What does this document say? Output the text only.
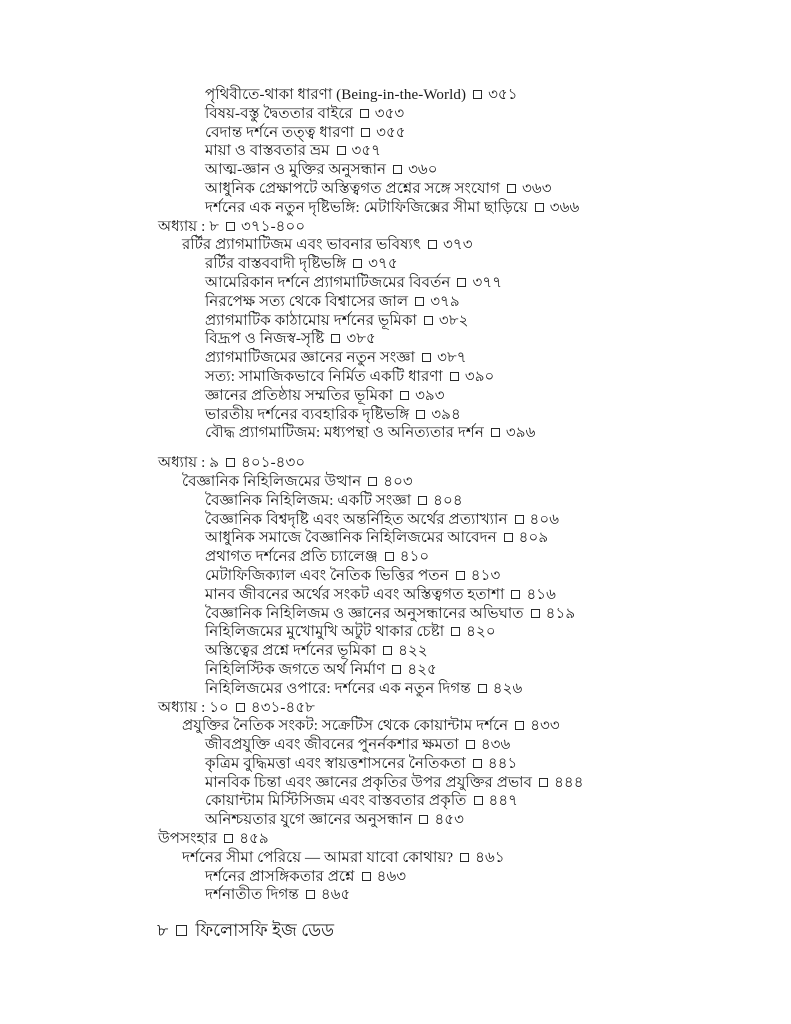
পৃথিবীতে-থাকা ধারণা (Being-in-the-World) ৩৫১
বিষয়-বস্তু দ্বৈততার বাইরে ৩৫৩
বেদান্ত দর্শনে তত্ত্ব ধারণা ৩৫৫
মায়া ও বাস্তবতার ভ্রম ৩৫৭
আত্ম-জ্ঞান ও মুক্তির অনুসন্ধান ৩৬০
আধুনিক প্রেক্ষাপটে অস্তিত্বগত প্রশ্নের সঙ্গে সংযোগ ৩৬৩
দর্শনের এক নতুন দৃষ্টিভঙ্গি: মেটাফিজিক্সের সীমা ছাড়িয়ে ৩৬৬
অধ্যায় : ৮ ৩৭১-৪০০
রর্টির প্র্যাগমাটিজম এবং ভাবনার ভবিষ্যৎ ৩৭৩
রর্টির বাস্তববাদী দৃষ্টিভঙ্গি ৩৭৫
আমেরিকান দর্শনে প্র্যাগমাটিজমের বিবর্তন ৩৭৭
নিরপেক্ষ সত্য থেকে বিশ্বাসের জাল ৩৭৯
প্র্যাগমাটিক কাঠামোয় দর্শনের ভূমিকা ৩৮২
বিদ্রূপ ও নিজস্ব-সৃষ্টি ৩৮৫
প্র্যাগমাটিজমের জ্ঞানের নতুন সংজ্ঞা ৩৮৭
সত্য: সামাজিকভাবে নির্মিত একটি ধারণা ৩৯০
জ্ঞানের প্রতিষ্ঠায় সম্মতির ভূমিকা ৩৯৩
ভারতীয় দর্শনের ব্যবহারিক দৃষ্টিভঙ্গি ৩৯৪
বৌদ্ধ প্র্যাগমাটিজম: মধ্যপন্থা ও অনিত্যতার দর্শন ৩৯৬
অধ্যায় : ৯ ৪০১-৪৩০
বৈজ্ঞানিক নিহিলিজমের উত্থান ৪০৩
বৈজ্ঞানিক নিহিলিজম: একটি সংজ্ঞা ৪০৪
বৈজ্ঞানিক বিশ্বদৃষ্টি এবং অন্তর্নিহিত অর্থের প্রত্যাখ্যান ৪০৬
আধুনিক সমাজে বৈজ্ঞানিক নিহিলিজমের আবেদন ৪০৯
প্রথাগত দর্শনের প্রতি চ্যালেঞ্জ ৪১০
মেটাফিজিক্যাল এবং নৈতিক ভিত্তির পতন ৪১৩
মানব জীবনের অর্থের সংকট এবং অস্তিত্বগত হতাশা ৪১৬
বৈজ্ঞানিক নিহিলিজম ও জ্ঞানের অনুসন্ধানের অভিঘাত ৪১৯
নিহিলিজমের মুখোমুখি অটুট থাকার চেষ্টা ৪২০
অস্তিত্বের প্রশ্নে দর্শনের ভূমিকা ৪২২
নিহিলিস্টিক জগতে অর্থ নির্মাণ ৪২৫
নিহিলিজমের ওপারে: দর্শনের এক নতুন দিগন্ত ৪২৬
অধ্যায় : ১০ ৪৩১-৪৫৮
প্রযুক্তির নৈতিক সংকট: সক্রেটিস থেকে কোয়ান্টাম দর্শনে ৪৩৩
জীবপ্রযুক্তি এবং জীবনের পুনর্নকশার ক্ষমতা ৪৩৬
কৃত্রিম বুদ্ধিমত্তা এবং স্বায়ত্তশাসনের নৈতিকতা ৪৪১
মানবিক চিন্তা এবং জ্ঞানের প্রকৃতির উপর প্রযুক্তির প্রভাব ৪৪৪
কোয়ান্টাম মিস্টিসিজম এবং বাস্তবতার প্রকৃতি ৪৪৭
অনিশ্চয়তার যুগে জ্ঞানের অনুসন্ধান ৪৫৩
উপসংহার ৪৫৯
দর্শনের সীমা পেরিয়ে — আমরা যাবো কোথায়? ৪৬১
দর্শনের প্রাসঙ্গিকতার প্রশ্নে ৪৬৩
দর্শনাতীত দিগন্ত ৪৬৫
৮ ফিলোসফি ইজ ডেড
